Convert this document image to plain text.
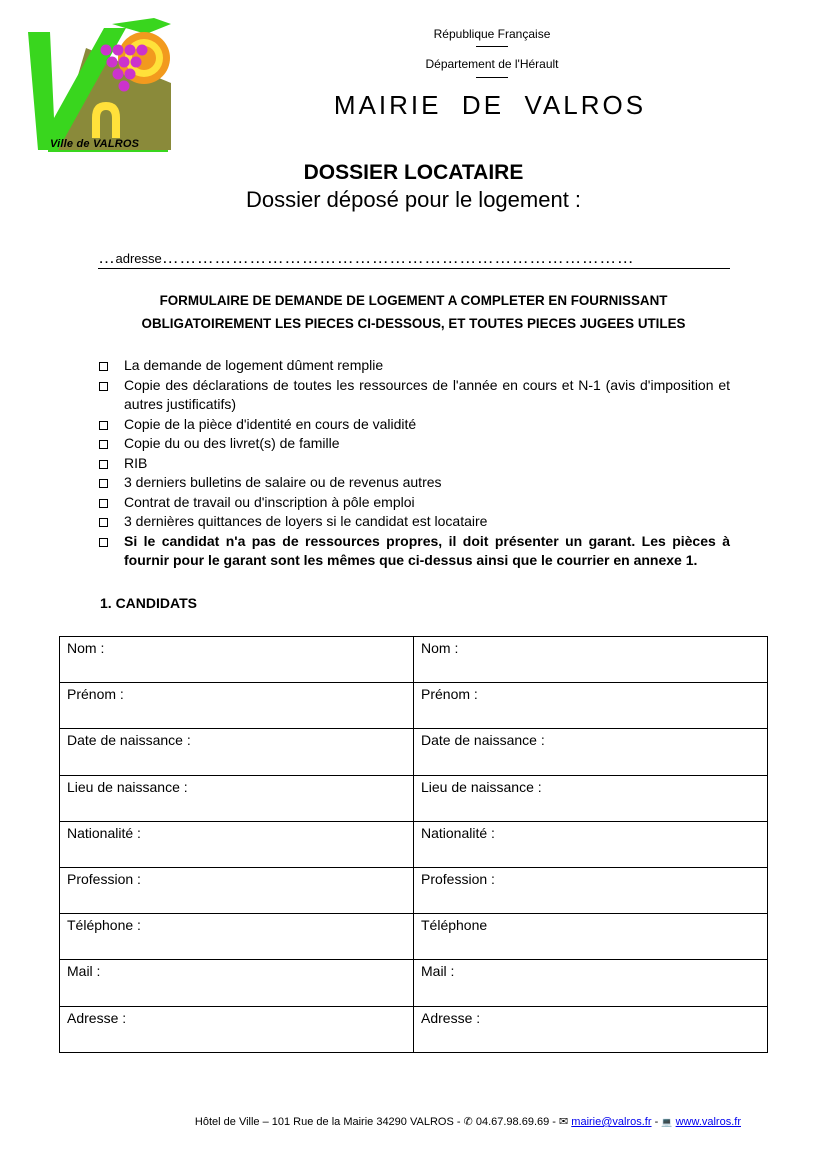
Ville de VALROS
République Française
Département de l'Hérault
MAIRIE  DE  VALROS
DOSSIER LOCATAIRE
Dossier déposé pour le logement :
…adresse………………………………………………………………………
FORMULAIRE DE DEMANDE DE LOGEMENT A COMPLETER EN FOURNISSANT
OBLIGATOIREMENT LES PIECES CI-DESSOUS, ET TOUTES PIECES JUGEES UTILES
La demande de logement dûment remplie
Copie des déclarations de toutes les ressources de l'année en cours et N-1 (avis d'imposition et autres justificatifs)
Copie de la pièce d'identité en cours de validité
Copie du ou des livret(s) de famille
RIB
3 derniers bulletins de salaire ou de revenus autres
Contrat de travail ou d'inscription à pôle emploi
3 dernières quittances de loyers si le candidat est locataire
Si le candidat n'a pas de ressources propres, il doit présenter un garant. Les pièces à fournir pour le garant sont les mêmes que ci-dessus ainsi que le courrier en annexe 1.
1. CANDIDATS
Nom :	Nom :
Prénom :	Prénom :
Date de naissance :	Date de naissance :
Lieu de naissance :	Lieu de naissance :
Nationalité :	Nationalité :
Profession :	Profession :
Téléphone :	Téléphone
Mail :	Mail :
Adresse :	Adresse :
Hôtel de Ville – 101 Rue de la Mairie 34290 VALROS - ✆ 04.67.98.69.69 - ✉ mairie@valros.fr - 💻 www.valros.fr
